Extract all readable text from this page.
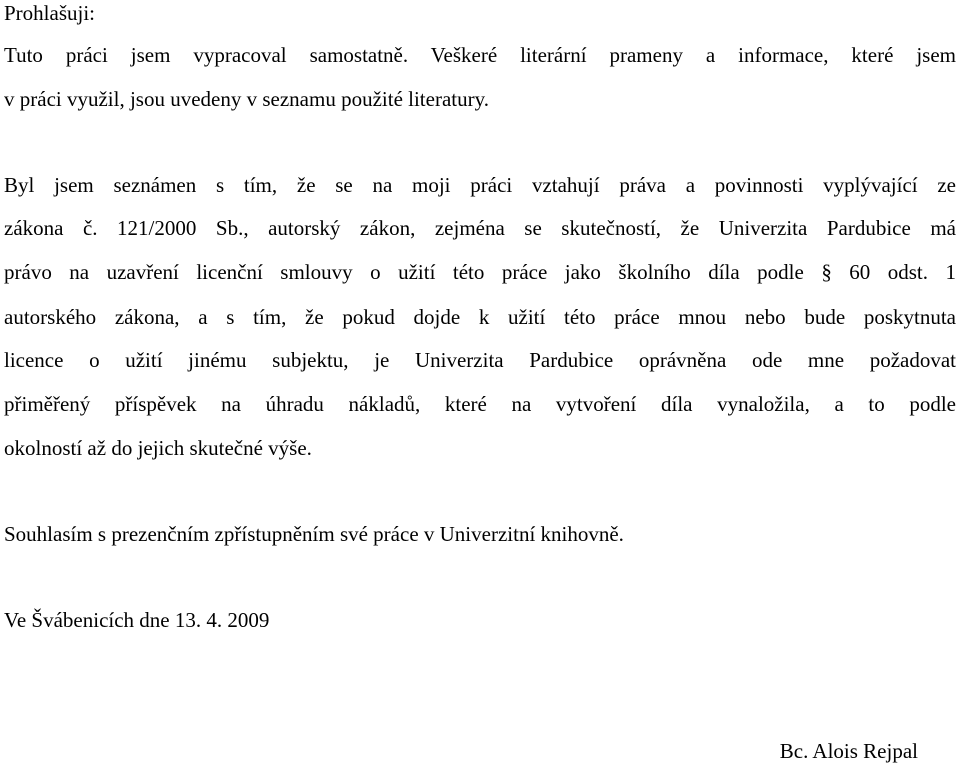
Prohlašuji:
Tuto práci jsem vypracoval samostatně. Veškeré literární prameny a informace, které jsem
v práci využil, jsou uvedeny v seznamu použité literatury.
Byl jsem seznámen s tím, že se na moji práci vztahují práva a povinnosti vyplývající ze
zákona č. 121/2000 Sb., autorský zákon, zejména se skutečností, že Univerzita Pardubice má
právo na uzavření licenční smlouvy o užití této práce jako školního díla podle § 60 odst. 1
autorského zákona, a s tím, že pokud dojde k užití této práce mnou nebo bude poskytnuta
licence o užití jinému subjektu, je Univerzita Pardubice oprávněna ode mne požadovat
přiměřený příspěvek na úhradu nákladů, které na vytvoření díla vynaložila, a to podle
okolností až do jejich skutečné výše.
Souhlasím s prezenčním zpřístupněním své práce v Univerzitní knihovně.
Ve Švábenicích dne 13. 4. 2009
Bc. Alois Rejpal
